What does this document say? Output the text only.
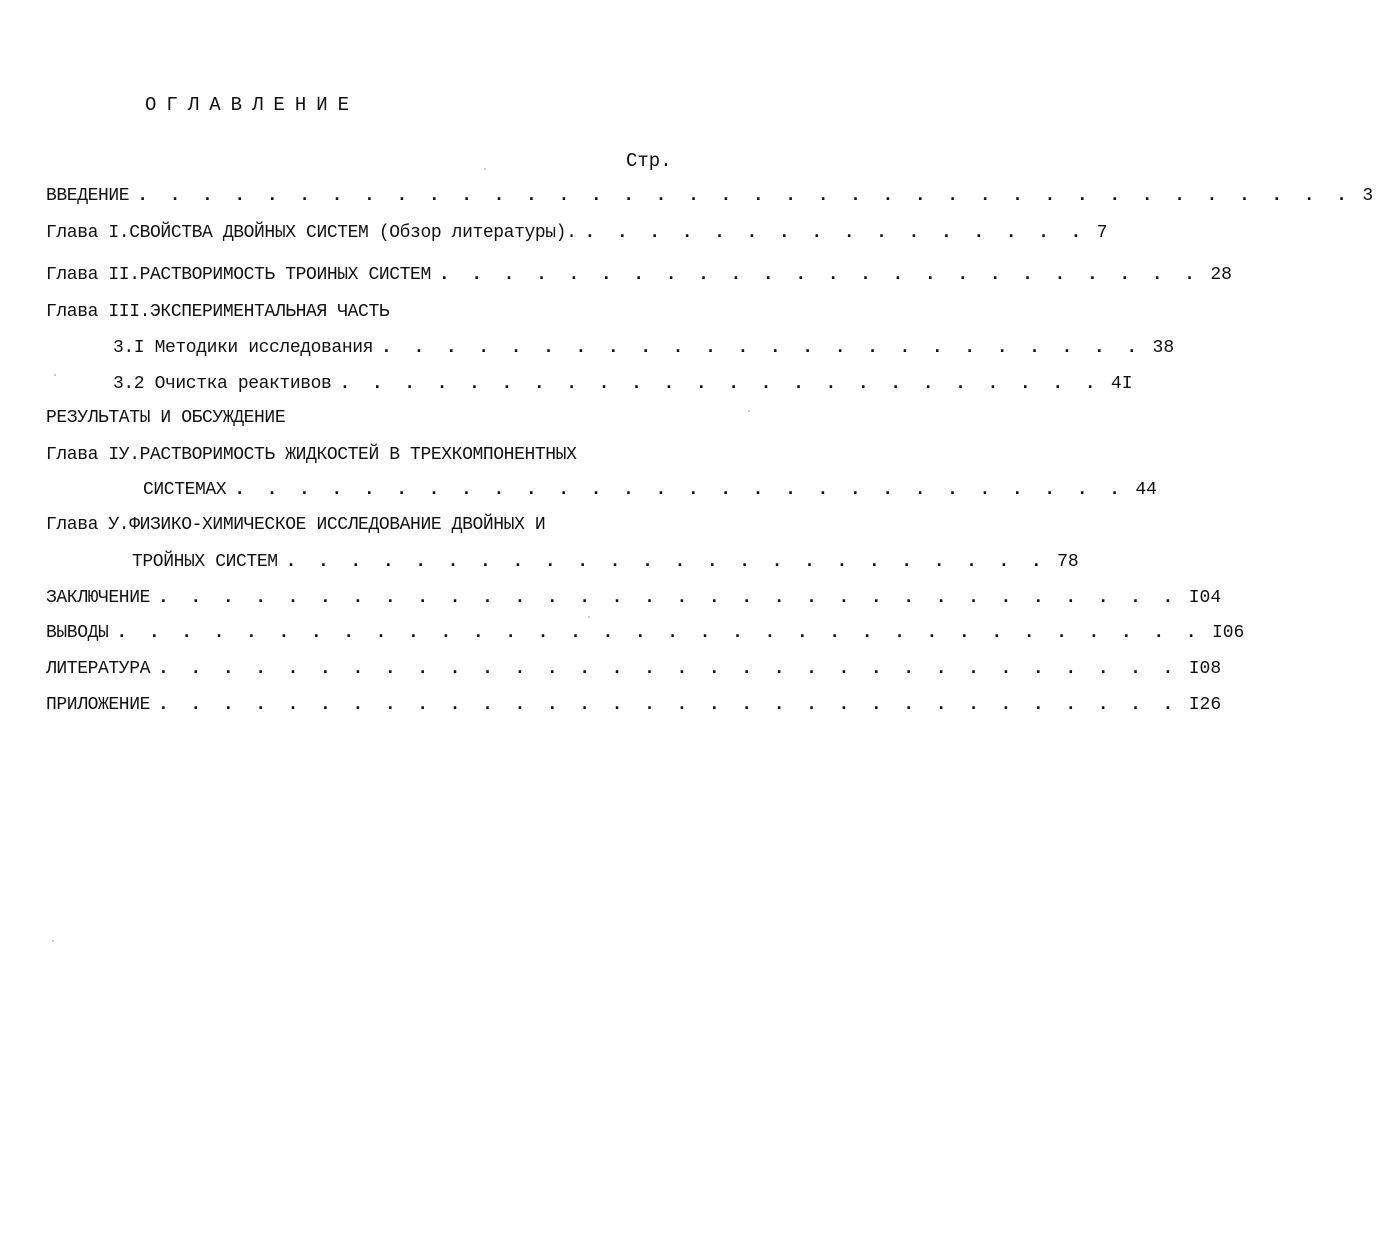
ОГЛАВЛЕНИЕ
Стр.
ВВЕДЕНИЕ . . . . . . . . . . . . . . . . . . . . . . . . . . . . . . . . . . . . . . 3
Глава I.СВОЙСТВА ДВОЙНЫХ СИСТЕМ (Обзор литературы). . . . . . . . . . . . . . . . . 7
Глава II.РАСТВОРИМОСТЬ ТРОИНЫХ СИСТЕМ . . . . . . . . . . . . . . . . . . . . . . . . 28
Глава III.ЭКСПЕРИМЕНТАЛЬНАЯ ЧАСТЬ
3.I Методики исследования . . . . . . . . . . . . . . . . . . . . . . . . 38
3.2 Очистка реактивов . . . . . . . . . . . . . . . . . . . . . . . . 4I
РЕЗУЛЬТАТЫ И ОБСУЖДЕНИЕ
Глава IУ.РАСТВОРИМОСТЬ ЖИДКОСТЕЙ В ТРЕХКОМПОНЕНТНЫХ
СИСТЕМАХ . . . . . . . . . . . . . . . . . . . . . . . . . . . . 44
Глава У.ФИЗИКО-ХИМИЧЕСКОЕ ИССЛЕДОВАНИЕ ДВОЙНЫХ И
ТРОЙНЫХ СИСТЕМ . . . . . . . . . . . . . . . . . . . . . . . . 78
ЗАКЛЮЧЕНИЕ . . . . . . . . . . . . . . . . . . . . . . . . . . . . . . . . I04
ВЫВОДЫ . . . . . . . . . . . . . . . . . . . . . . . . . . . . . . . . . . I06
ЛИТЕРАТУРА . . . . . . . . . . . . . . . . . . . . . . . . . . . . . . . . I08
ПРИЛОЖЕНИЕ . . . . . . . . . . . . . . . . . . . . . . . . . . . . . . . . I26
